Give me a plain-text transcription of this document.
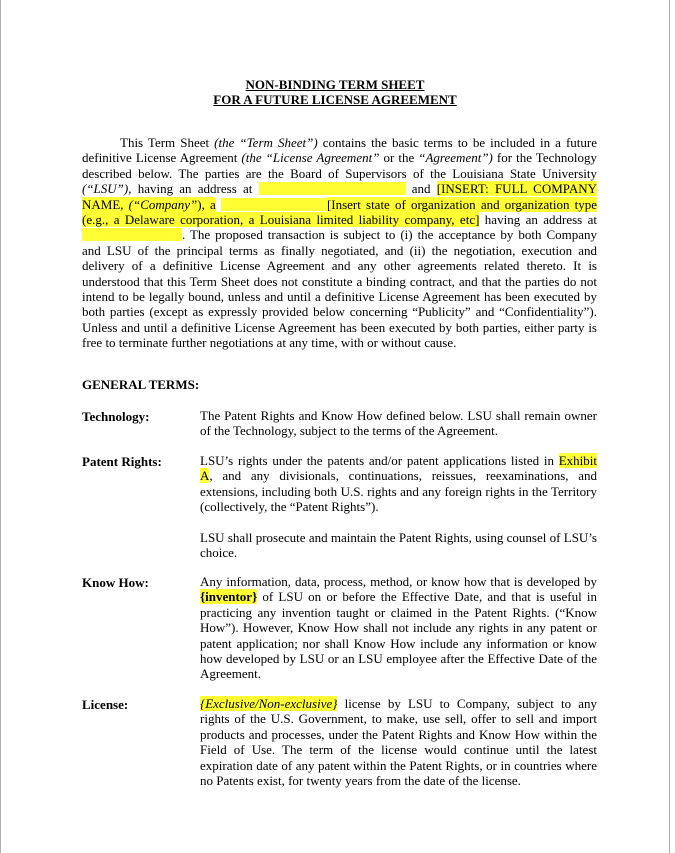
NON-BINDING TERM SHEET
FOR A FUTURE LICENSE AGREEMENT

This Term Sheet (the “Term Sheet”) contains the basic terms to be included in a future definitive License Agreement (the “License Agreement” or the “Agreement”) for the Technology described below. The parties are the Board of Supervisors of the Louisiana State University (“LSU”), having an address at	and [INSERT: FULL COMPANY NAME, (“Company”), a	[Insert state of organization and organization type (e.g., a Delaware corporation, a Louisiana limited liability company, etc] having an address at . The proposed transaction is subject to (i) the acceptance by both Company and LSU of the principal terms as finally negotiated, and (ii) the negotiation, execution and delivery of a definitive License Agreement and any other agreements related thereto. It is understood that this Term Sheet does not constitute a binding contract, and that the parties do not intend to be legally bound, unless and until a definitive License Agreement has been executed by both parties (except as expressly provided below concerning “Publicity” and “Confidentiality”). Unless and until a definitive License Agreement has been executed by both parties, either party is free to terminate further negotiations at any time, with or without cause.

GENERAL TERMS:
Technology:	The Patent Rights and Know How defined below. LSU shall remain owner of the Technology, subject to the terms of the Agreement.

Patent Rights:	LSU’s rights under the patents and/or patent applications listed in Exhibit A, and any divisionals, continuations, reissues, reexaminations, and extensions, including both U.S. rights and any foreign rights in the Territory (collectively, the “Patent Rights”).

LSU shall prosecute and maintain the Patent Rights, using counsel of LSU’s choice.

Know How:	Any information, data, process, method, or know how that is developed by {inventor} of LSU on or before the Effective Date, and that is useful in practicing any invention taught or claimed in the Patent Rights. (“Know How”). However, Know How shall not include any rights in any patent or patent application; nor shall Know How include any information or know how developed by LSU or an LSU employee after the Effective Date of the Agreement.

License:	{Exclusive/Non-exclusive} license by LSU to Company, subject to any rights of the U.S. Government, to make, use sell, offer to sell and import products and processes, under the Patent Rights and Know How within the Field of Use. The term of the license would continue until the latest expiration date of any patent within the Patent Rights, or in countries where no Patents exist, for twenty years from the date of the license.
